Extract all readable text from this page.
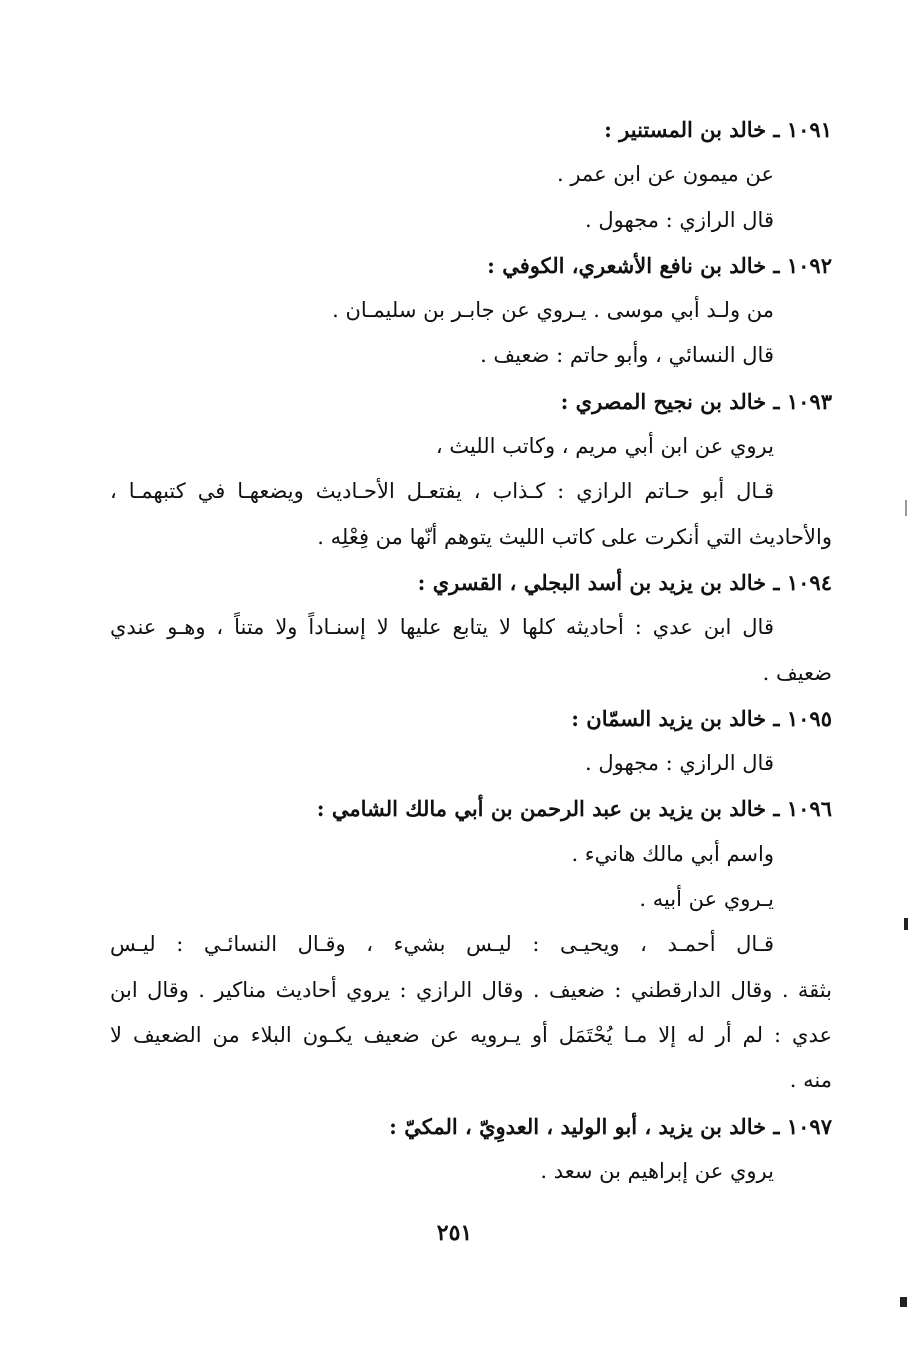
١٠٩١ ـ خالد بن المستنير :
عن ميمون عن ابن عمر .
قال الرازي : مجهول .
١٠٩٢ ـ خالد بن نافع الأشعري، الكوفي :
من ولـد أبي موسى . يـروي عن جابـر بن سليمـان .
قال النسائي ، وأبو حاتم : ضعيف .
١٠٩٣ ـ خالد بن نجيح المصري :
يروي عن ابن أبي مريم ، وكاتب الليث ،
قـال أبو حـاتم الرازي : كـذاب ، يفتعـل الأحـاديث ويضعهـا في كتبهمـا ،
والأحاديث التي أنكرت على كاتب الليث يتوهم أنّها من فِعْلِه .
١٠٩٤ ـ خالد بن يزيد بن أسد البجلي ، القسري :
قال ابن عدي : أحاديثه كلها لا يتابع عليها لا إسنـاداً ولا متناً ، وهـو عندي
ضعيف .
١٠٩٥ ـ خالد بن يزيد السمّان :
قال الرازي : مجهول .
١٠٩٦ ـ خالد بن يزيد بن عبد الرحمن بن أبي مالك الشامي :
واسم أبي مالك هانيء .
يـروي عن أبيه .
قـال أحمـد ، ويحيـى : ليـس بشيء ، وقـال النسائـي : ليـس
بثقة . وقال الدارقطني : ضعيف . وقال الرازي : يروي أحاديث مناكير . وقال ابن
عدي : لم أر له إلا مـا يُحْتَمَل أو يـرويه عن ضعيف يكـون البلاء من الضعيف لا
منه .
١٠٩٧ ـ خالد بن يزيد ، أبو الوليد ، العدوِيّ ، المكيّ :
يروي عن إبراهيم بن سعد .
٢٥١
